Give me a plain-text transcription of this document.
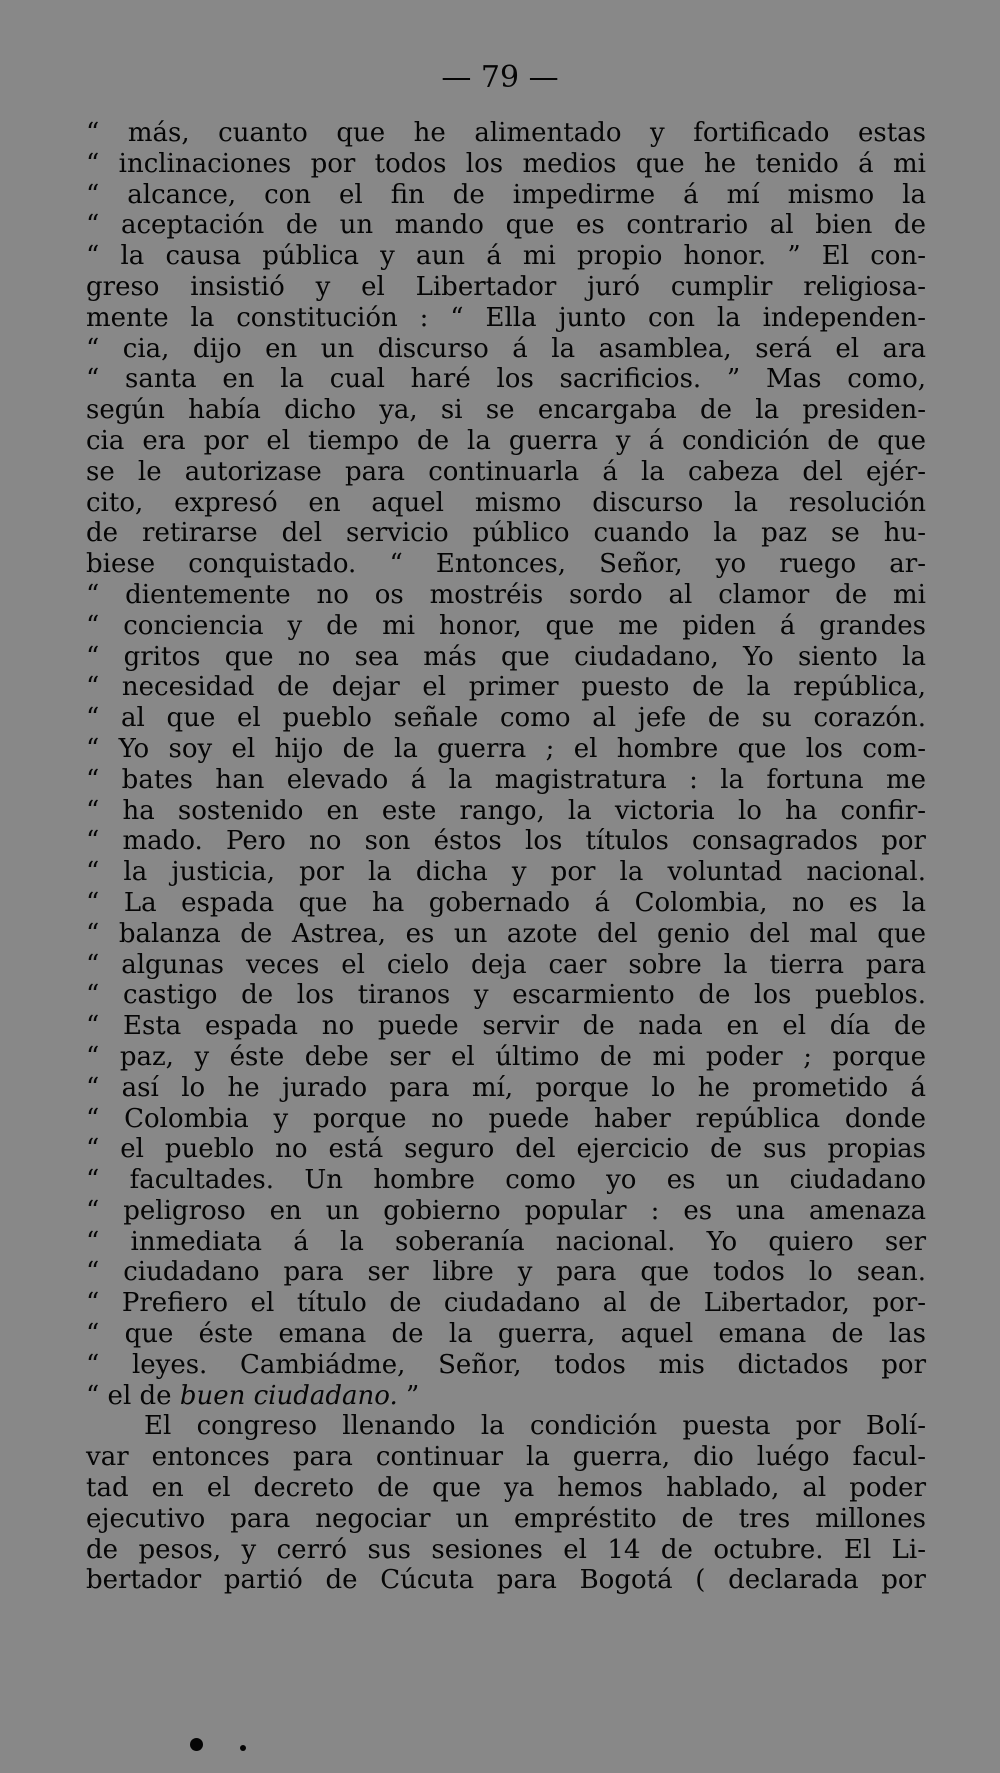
— 79 —
“ más, cuanto que he alimentado y fortificado estas
“ inclinaciones por todos los medios que he tenido á mi
“ alcance, con el fin de impedirme á mí mismo la
“ aceptación de un mando que es contrario al bien de
“ la causa pública y aun á mi propio honor. ” El con-
greso insistió y el Libertador juró cumplir religiosa-
mente la constitución : “ Ella junto con la independen-
“ cia, dijo en un discurso á la asamblea, será el ara
“ santa en la cual haré los sacrificios. ” Mas como,
según había dicho ya, si se encargaba de la presiden-
cia era por el tiempo de la guerra y á condición de que
se le autorizase para continuarla á la cabeza del ejér-
cito, expresó en aquel mismo discurso la resolución
de retirarse del servicio público cuando la paz se hu-
biese conquistado. “ Entonces, Señor, yo ruego ar-
“ dientemente no os mostréis sordo al clamor de mi
“ conciencia y de mi honor, que me piden á grandes
“ gritos que no sea más que ciudadano, Yo siento la
“ necesidad de dejar el primer puesto de la república,
“ al que el pueblo señale como al jefe de su corazón.
“ Yo soy el hijo de la guerra ; el hombre que los com-
“ bates han elevado á la magistratura : la fortuna me
“ ha sostenido en este rango, la victoria lo ha confir-
“ mado. Pero no son éstos los títulos consagrados por
“ la justicia, por la dicha y por la voluntad nacional.
“ La espada que ha gobernado á Colombia, no es la
“ balanza de Astrea, es un azote del genio del mal que
“ algunas veces el cielo deja caer sobre la tierra para
“ castigo de los tiranos y escarmiento de los pueblos.
“ Esta espada no puede servir de nada en el día de
“ paz, y éste debe ser el último de mi poder ; porque
“ así lo he jurado para mí, porque lo he prometido á
“ Colombia y porque no puede haber república donde
“ el pueblo no está seguro del ejercicio de sus propias
“ facultades. Un hombre como yo es un ciudadano
“ peligroso en un gobierno popular : es una amenaza
“ inmediata á la soberanía nacional. Yo quiero ser
“ ciudadano para ser libre y para que todos lo sean.
“ Prefiero el título de ciudadano al de Libertador, por-
“ que éste emana de la guerra, aquel emana de las
“ leyes. Cambiádme, Señor, todos mis dictados por
“ el de buen ciudadano. ”
El congreso llenando la condición puesta por Bolí-
var entonces para continuar la guerra, dio luégo facul-
tad en el decreto de que ya hemos hablado, al poder
ejecutivo para negociar un empréstito de tres millones
de pesos, y cerró sus sesiones el 14 de octubre. El Li-
bertador partió de Cúcuta para Bogotá ( declarada por
